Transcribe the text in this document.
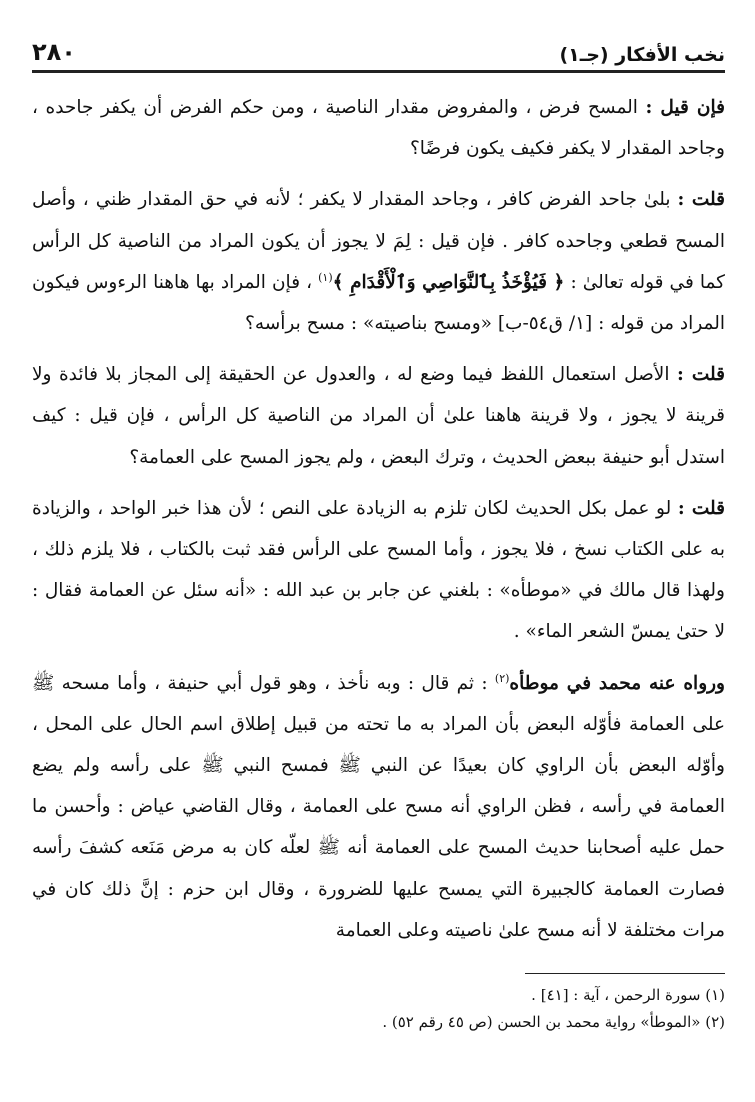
نخب الأفكار (جـ١)
٢٨٠

فإن قيل : المسح فرض ، والمفروض مقدار الناصية ، ومن حكم الفرض أن يكفر جاحده ، وجاحد المقدار لا يكفر فكيف يكون فرضًا؟

قلت : بلىٰ جاحد الفرض كافر ، وجاحد المقدار لا يكفر ؛ لأنه في حق المقدار ظني ، وأصل المسح قطعي وجاحده كافر . فإن قيل : لِمَ لا يجوز أن يكون المراد من الناصية كل الرأس كما في قوله تعالىٰ : ﴿ فَيُؤْخَذُ بِٱلنَّوَاصِي وَٱلْأَقْدَامِ ﴾$^{(١)}$ ، فإن المراد بها هاهنا الرءوس فيكون المراد من قوله : [١/ ق٥٤-ب] «ومسح بناصيته» : مسح برأسه؟

قلت : الأصل استعمال اللفظ فيما وضع له ، والعدول عن الحقيقة إلى المجاز بلا فائدة ولا قرينة لا يجوز ، ولا قرينة هاهنا علىٰ أن المراد من الناصية كل الرأس ، فإن قيل : كيف استدل أبو حنيفة ببعض الحديث ، وترك البعض ، ولم يجوز المسح على العمامة؟

قلت : لو عمل بكل الحديث لكان تلزم به الزيادة على النص ؛ لأن هذا خبر الواحد ، والزيادة به على الكتاب نسخ ، فلا يجوز ، وأما المسح على الرأس فقد ثبت بالكتاب ، فلا يلزم ذلك ، ولهذا قال مالك في «موطأه» : بلغني عن جابر بن عبد الله : «أنه سئل عن العمامة فقال : لا حتىٰ يمسّ الشعر الماء» .

ورواه عنه محمد في موطأه$^{(٢)}$ : ثم قال : وبه نأخذ ، وهو قول أبي حنيفة ، وأما مسحه ﷺ على العمامة فأوّله البعض بأن المراد به ما تحته من قبيل إطلاق اسم الحال على المحل ، وأوّله البعض بأن الراوي كان بعيدًا عن النبي ﷺ فمسح النبي ﷺ على رأسه ولم يضع العمامة في رأسه ، فظن الراوي أنه مسح على العمامة ، وقال القاضي عياض : وأحسن ما حمل عليه أصحابنا حديث المسح على العمامة أنه ﷺ لعلّه كان به مرض مَنَعه كشفَ رأسه فصارت العمامة كالجبيرة التي يمسح عليها للضرورة ، وقال ابن حزم : إنَّ ذلك كان في مرات مختلفة لا أنه مسح علىٰ ناصيته وعلى العمامة

(١) سورة الرحمن ، آية : [٤١] .

(٢) «الموطأ» رواية محمد بن الحسن (ص ٤٥ رقم ٥٢) .
